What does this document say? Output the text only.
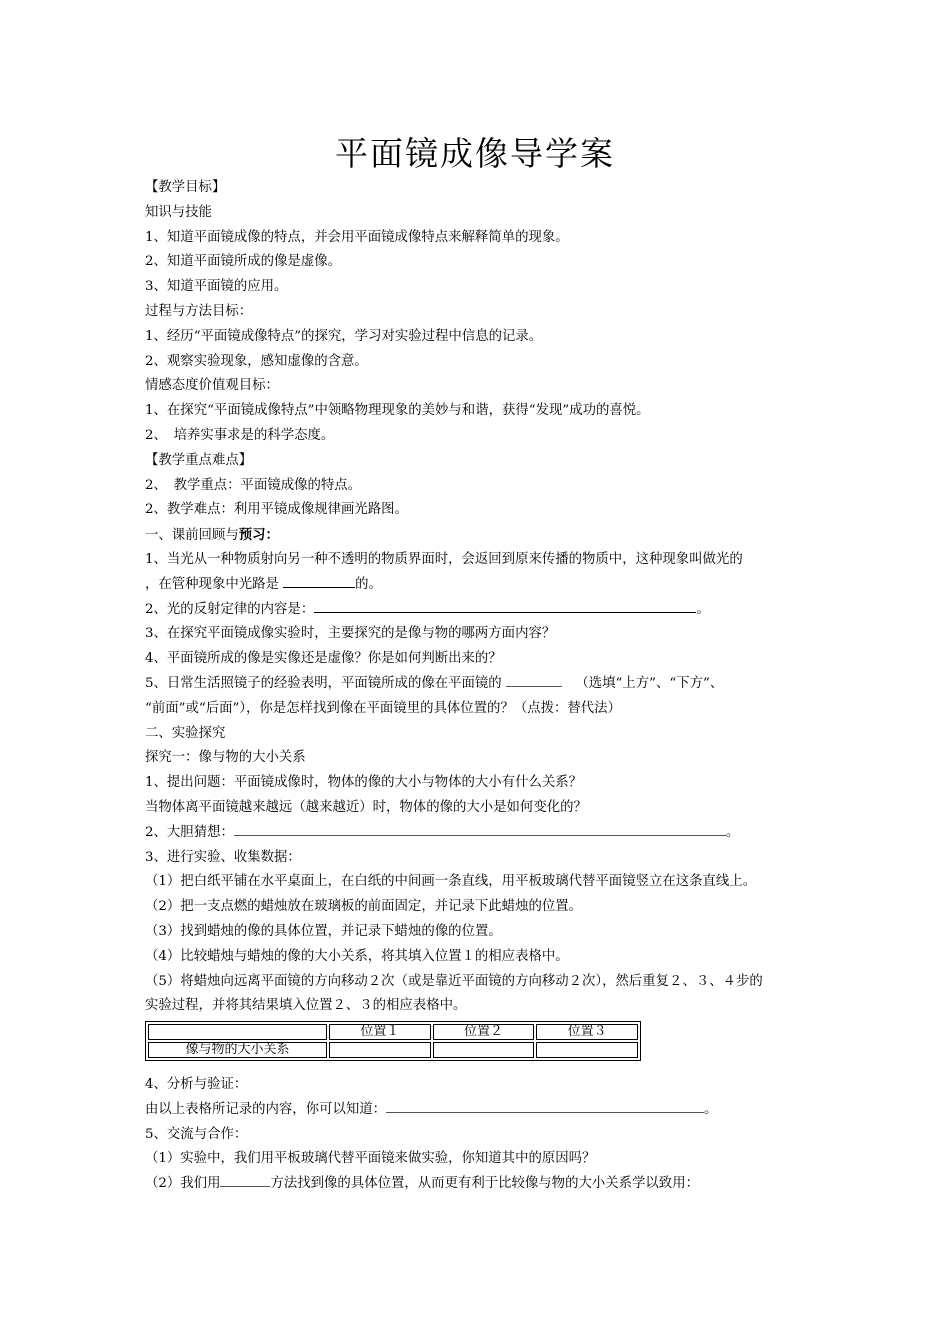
平面镜成像导学案
【教学目标】
知识与技能
1、知道平面镜成像的特点，并会用平面镜成像特点来解释简单的现象。
2、知道平面镜所成的像是虚像。
3、知道平面镜的应用。
过程与方法目标：
1、经历“平面镜成像特点”的探究，学习对实验过程中信息的记录。
2、观察实验现象，感知虚像的含意。
情感态度价值观目标：
1、在探究“平面镜成像特点”中领略物理现象的美妙与和谐，获得“发现”成功的喜悦。
2、　培养实事求是的科学态度。
【教学重点难点】
2、　教学重点：平面镜成像的特点。
2、教学难点：利用平镜成像规律画光路图。
一、课前回顾与预习：
1、当光从一种物质射向另一种不透明的物质界面时，会返回到原来传播的物质中，这种现象叫做光的
，在管种现象中光路是	的。
2、光的反射定律的内容是：	。
3、在探究平面镜成像实验时，主要探究的是像与物的哪两方面内容？
4、平面镜所成的像是实像还是虚像？你是如何判断出来的？
5、日常生活照镜子的经验表明，平面镜所成的像在平面镜的  	（选填“上方”、“下方”、
“前面”或“后面”），你是怎样找到像在平面镜里的具体位置的？（点拨：替代法）
二、实验探究
探究一：像与物的大小关系
1、提出问题：平面镜成像时，物体的像的大小与物体的大小有什么关系？
当物体离平面镜越来越远（越来越近）时，物体的像的大小是如何变化的？
2、大胆猜想：	。
3、进行实验、收集数据：
（1）把白纸平铺在水平桌面上，在白纸的中间画一条直线，用平板玻璃代替平面镜竖立在这条直线上。
（2）把一支点燃的蜡烛放在玻璃板的前面固定，并记录下此蜡烛的位置。
（3）找到蜡烛的像的具体位置，并记录下蜡烛的像的位置。
（4）比较蜡烛与蜡烛的像的大小关系，将其填入位置１的相应表格中。
（5）将蜡烛向远离平面镜的方向移动２次（或是靠近平面镜的方向移动２次），然后重复２、３、４步的
实验过程，并将其结果填入位置２、３的相应表格中。
	位置１	位置２	位置３
像与物的大小关系			
4、分析与验证：
由以上表格所记录的内容，你可以知道：	。
5、交流与合作：
（1）实验中，我们用平板玻璃代替平面镜来做实验，你知道其中的原因吗？
（2）我们用	方法找到像的具体位置，从而更有利于比较像与物的大小关系学以致用：
